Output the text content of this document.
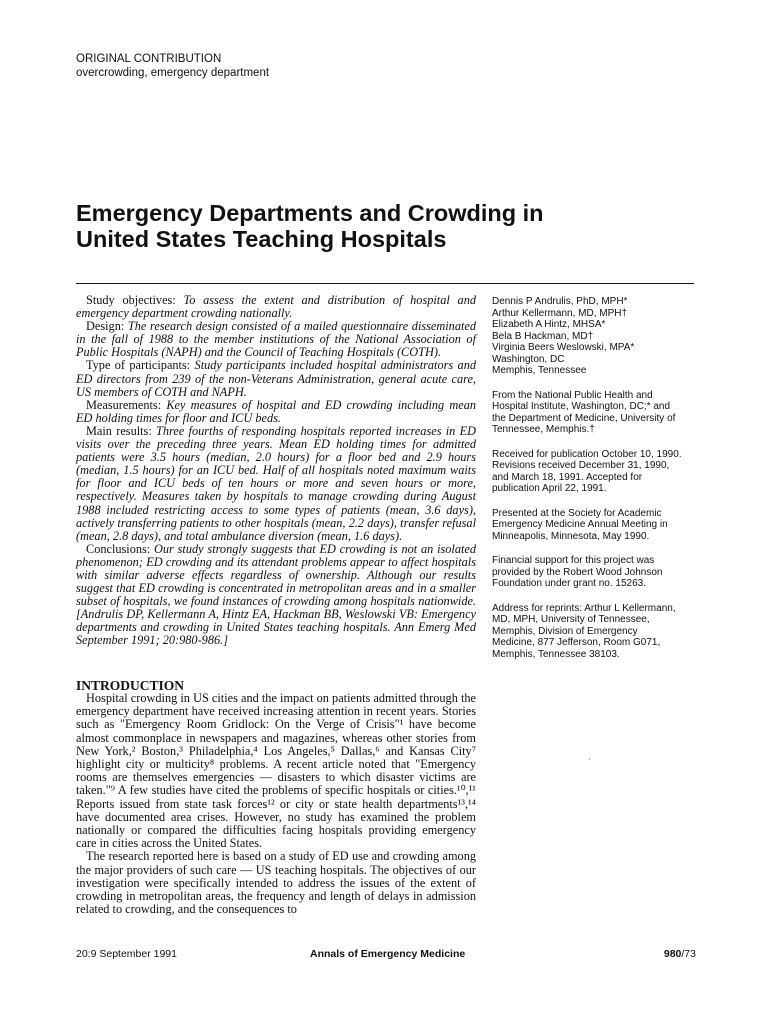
ORIGINAL CONTRIBUTION
overcrowding, emergency department
Emergency Departments and Crowding in
United States Teaching Hospitals

Study objectives: To assess the extent and distribution of hospital and emergency department crowding nationally.

Design: The research design consisted of a mailed questionnaire disseminated in the fall of 1988 to the member institutions of the National Association of Public Hospitals (NAPH) and the Council of Teaching Hospitals (COTH).

Type of participants: Study participants included hospital administrators and ED directors from 239 of the non-Veterans Administration, general acute care, US members of COTH and NAPH.

Measurements: Key measures of hospital and ED crowding including mean ED holding times for floor and ICU beds.

Main results: Three fourths of responding hospitals reported increases in ED visits over the preceding three years. Mean ED holding times for admitted patients were 3.5 hours (median, 2.0 hours) for a floor bed and 2.9 hours (median, 1.5 hours) for an ICU bed. Half of all hospitals noted maximum waits for floor and ICU beds of ten hours or more and seven hours or more, respectively. Measures taken by hospitals to manage crowding during August 1988 included restricting access to some types of patients (mean, 3.6 days), actively transferring patients to other hospitals (mean, 2.2 days), transfer refusal (mean, 2.8 days), and total ambulance diversion (mean, 1.6 days).

Conclusions: Our study strongly suggests that ED crowding is not an isolated phenomenon; ED crowding and its attendant problems appear to affect hospitals with similar adverse effects regardless of ownership. Although our results suggest that ED crowding is concentrated in metropolitan areas and in a smaller subset of hospitals, we found instances of crowding among hospitals nationwide. [Andrulis DP, Kellermann A, Hintz EA, Hackman BB, Weslowski VB: Emergency departments and crowding in United States teaching hospitals. Ann Emerg Med September 1991; 20:980-986.]

INTRODUCTION

Hospital crowding in US cities and the impact on patients admitted through the emergency department have received increasing attention in recent years. Stories such as "Emergency Room Gridlock: On the Verge of Crisis"¹ have become almost commonplace in newspapers and magazines, whereas other stories from New York,² Boston,³ Philadelphia,⁴ Los Angeles,⁵ Dallas,⁶ and Kansas City⁷ highlight city or multicity⁸ problems. A recent article noted that "Emergency rooms are themselves emergencies — disasters to which disaster victims are taken."⁹ A few studies have cited the problems of specific hospitals or cities.¹⁰,¹¹ Reports issued from state task forces¹² or city or state health departments¹³,¹⁴ have documented area crises. However, no study has examined the problem nationally or compared the difficulties facing hospitals providing emergency care in cities across the United States.

The research reported here is based on a study of ED use and crowding among the major providers of such care — US teaching hospitals. The objectives of our investigation were specifically intended to address the issues of the extent of crowding in metropolitan areas, the frequency and length of delays in admission related to crowding, and the consequences to

Dennis P Andrulis, PhD, MPH*
Arthur Kellermann, MD, MPH†
Elizabeth A Hintz, MHSA*
Bela B Hackman, MD†
Virginia Beers Weslowski, MPA*
Washington, DC
Memphis, Tennessee
From the National Public Health and
Hospital Institute, Washington, DC;* and
the Department of Medicine, University of
Tennessee, Memphis.†
Received for publication October 10, 1990.
Revisions received December 31, 1990,
and March 18, 1991. Accepted for
publication April 22, 1991.
Presented at the Society for Academic
Emergency Medicine Annual Meeting in
Minneapolis, Minnesota, May 1990.
Financial support for this project was
provided by the Robert Wood Johnson
Foundation under grant no. 15263.
Address for reprints: Arthur L Kellermann,
MD, MPH, University of Tennessee,
Memphis, Division of Emergency
Medicine, 877 Jefferson, Room G071,
Memphis, Tennessee 38103.
·
20:9 September 1991	Annals of Emergency Medicine	980/73
